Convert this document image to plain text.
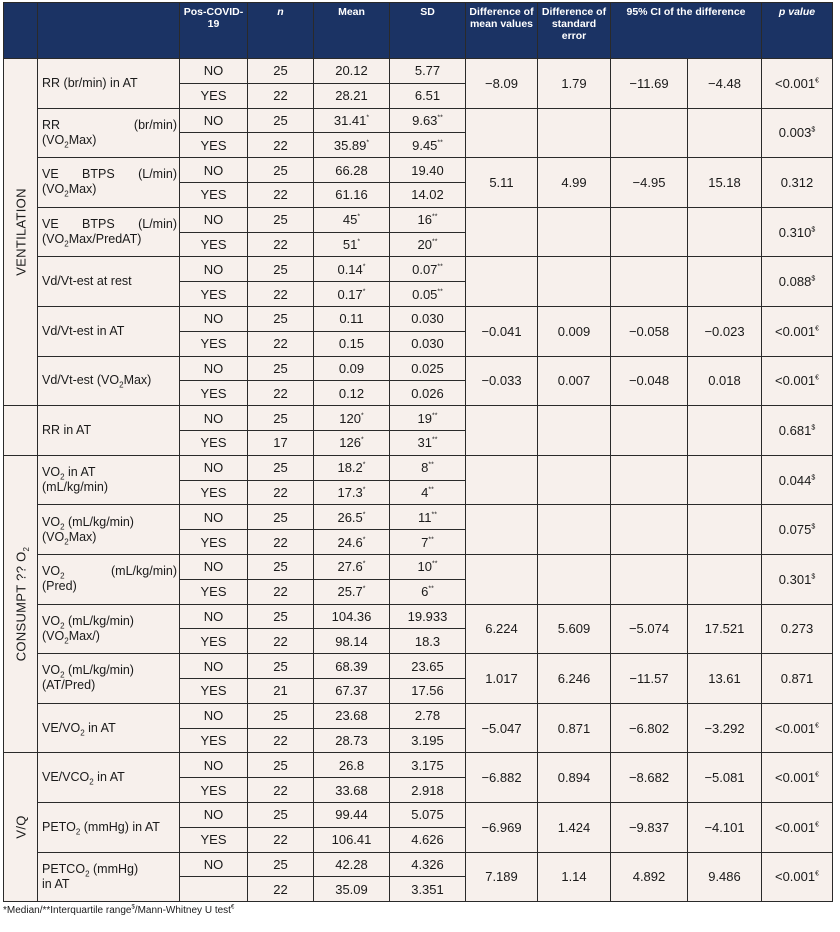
		Pos-COVID-19	n	Mean	SD	Difference of mean values	Difference of standard error	95% CI of the difference		p value

VENTILATION	RR (br/min) in AT	NO	25	20.12	5.77	−8.09	1.79	−11.69	−4.48	<0.001€
		YES	22	28.21	6.51					
	RR (br/min)
$(VO_2Max)$	NO	25	31.41*	9.63**					0.003$
		YES	22	35.89*	9.45**
	VE BTPS (L/min)
$(VO_2Max)$	NO	25	66.28	19.40	5.11	4.99	−4.95	15.18	0.312
		YES	22	61.16	14.02					
	VE BTPS (L/min)
$(VO_2Max/PredAT)$	NO	25	45*	16**					0.310$
		YES	22	51*	20**
	Vd/Vt-est at rest	NO	25	0.14*	0.07**					0.088$
		YES	22	0.17*	0.05**
	Vd/Vt-est in AT	NO	25	0.11	0.030	−0.041	0.009	−0.058	−0.023	<0.001€
		YES	22	0.15	0.030					
	Vd/Vt-est $(VO_2Max)$	NO	25	0.09	0.025	−0.033	0.007	−0.048	0.018	<0.001€
		YES	22	0.12	0.026					

	RR in AT	NO	25	120*	19**					0.681$
		YES	17	126*	31**

CONSUMPT ?? $O_2$	$VO_2$ in AT
(mL/kg/min)	NO	25	18.2*	8**					0.044$
		YES	22	17.3*	4**
	$VO_2$ (mL/kg/min)
$(VO_2Max)$	NO	25	26.5*	11**					0.075$
		YES	22	24.6*	7**
	$VO_2$ (mL/kg/min)
(Pred)	NO	25	27.6*	10**					0.301$
		YES	22	25.7*	6**
	$VO_2$ (mL/kg/min)
$(VO_2Max/)$	NO	25	104.36	19.933	6.224	5.609	−5.074	17.521	0.273
		YES	22	98.14	18.3					
	$VO_2$ (mL/kg/min)
(AT/Pred)	NO	25	68.39	23.65	1.017	6.246	−11.57	13.61	0.871
		YES	21	67.37	17.56					
	$VE/VO_2$ in AT	NO	25	23.68	2.78	−5.047	0.871	−6.802	−3.292	<0.001€
		YES	22	28.73	3.195					

V/Q	$VE/VCO_2$ in AT	NO	25	26.8	3.175	−6.882	0.894	−8.682	−5.081	<0.001€
		YES	22	33.68	2.918					
	$PETO_2$ (mmHg) in AT	NO	25	99.44	5.075	−6.969	1.424	−9.837	−4.101	<0.001€
		YES	22	106.41	4.626					
	$PETCO_2$ (mmHg)
in AT	NO	25	42.28	4.326	7.189	1.14	4.892	9.486	<0.001€
			22	35.09	3.351					
*Median/**Interquartile range$/Mann-Whitney U test€
